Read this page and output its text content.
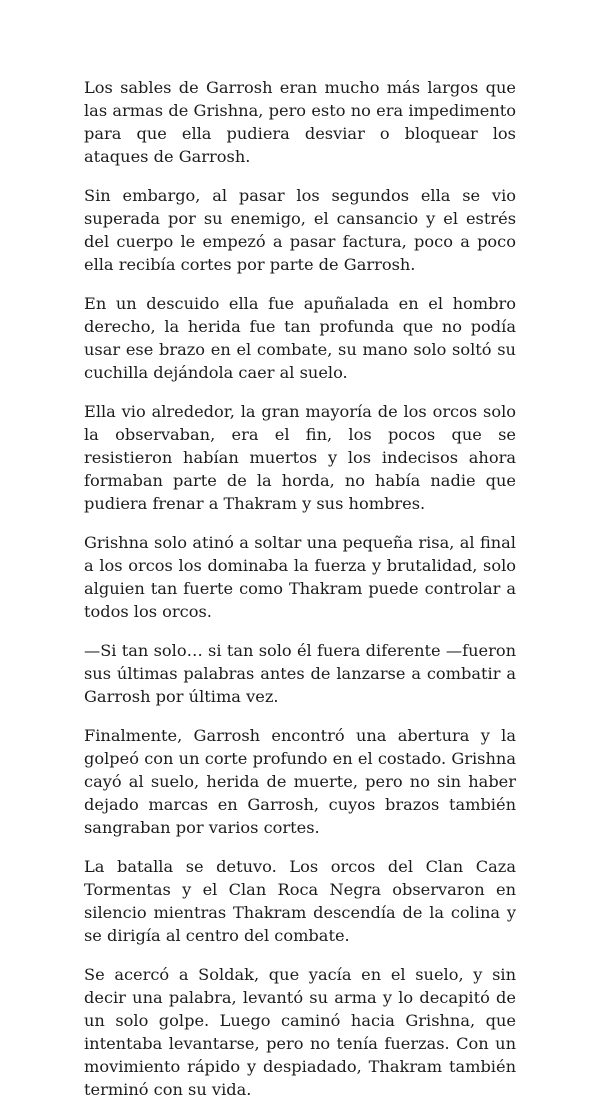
Los sables de Garrosh eran mucho más largos que las armas de Grishna, pero esto no era impedimento para que ella pudiera desviar o bloquear los ataques de Garrosh.

Sin embargo, al pasar los segundos ella se vio superada por su enemigo, el cansancio y el estrés del cuerpo le empezó a pasar factura, poco a poco ella recibía cortes por parte de Garrosh.

En un descuido ella fue apuñalada en el hombro derecho, la herida fue tan profunda que no podía usar ese brazo en el combate, su mano solo soltó su cuchilla dejándola caer al suelo.

Ella vio alrededor, la gran mayoría de los orcos solo la observaban, era el fin, los pocos que se resistieron habían muertos y los indecisos ahora formaban parte de la horda, no había nadie que pudiera frenar a Thakram y sus hombres.

Grishna solo atinó a soltar una pequeña risa, al final a los orcos los dominaba la fuerza y brutalidad, solo alguien tan fuerte como Thakram puede controlar a todos los orcos.

—Si tan solo… si tan solo él fuera diferente —fueron sus últimas palabras antes de lanzarse a combatir a Garrosh por última vez.

Finalmente, Garrosh encontró una abertura y la golpeó con un corte profundo en el costado. Grishna cayó al suelo, herida de muerte, pero no sin haber dejado marcas en Garrosh, cuyos brazos también sangraban por varios cortes.

La batalla se detuvo. Los orcos del Clan Caza Tormentas y el Clan Roca Negra observaron en silencio mientras Thakram descendía de la colina y se dirigía al centro del combate.

Se acercó a Soldak, que yacía en el suelo, y sin decir una palabra, levantó su arma y lo decapitó de un solo golpe. Luego caminó hacia Grishna, que intentaba levantarse, pero no tenía fuerzas. Con un movimiento rápido y despiadado, Thakram también terminó con su vida.
